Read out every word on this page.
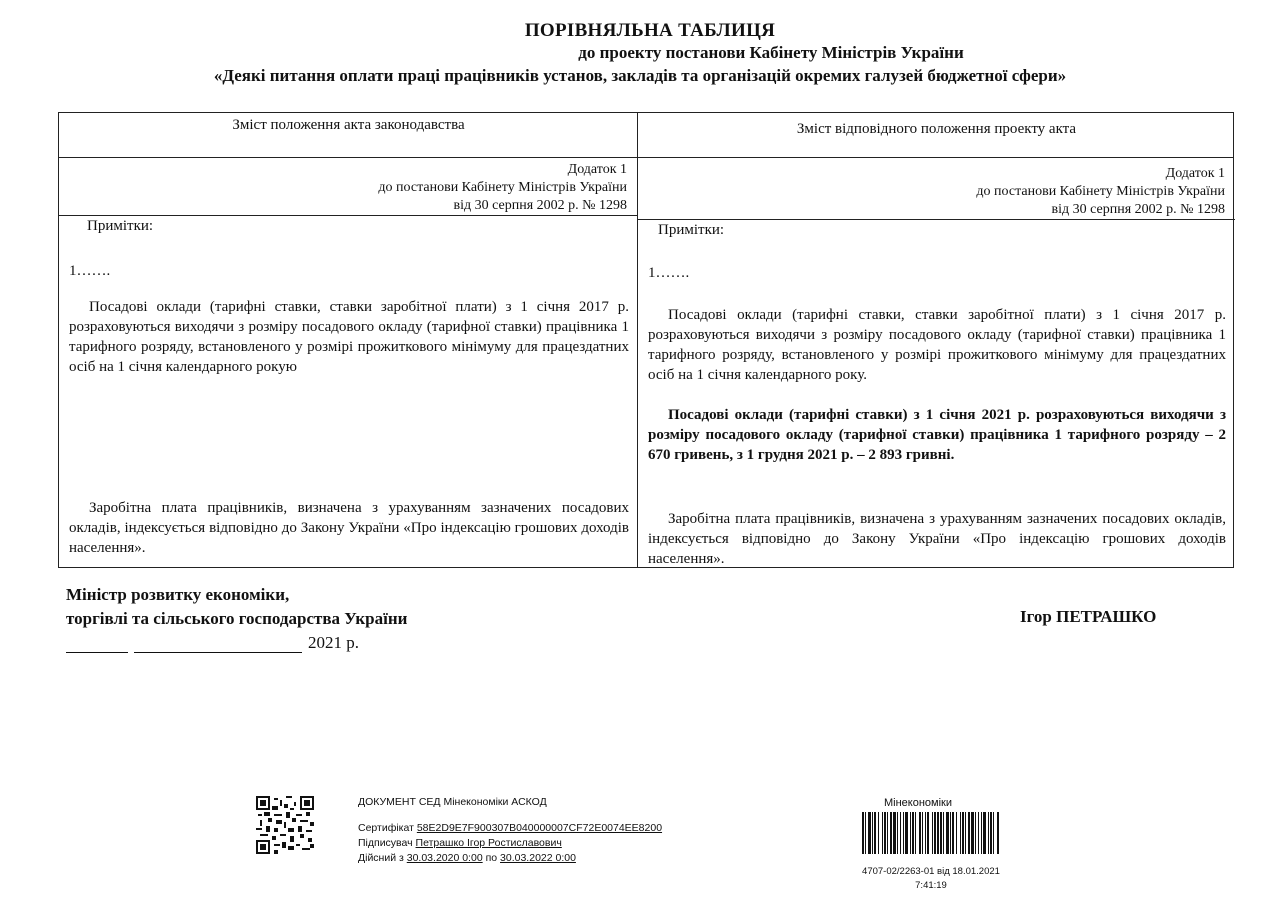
ПОРІВНЯЛЬНА ТАБЛИЦЯ
до проекту постанови Кабінету Міністрів України
«Деякі питання оплати праці працівників установ, закладів та організацій окремих галузей бюджетної сфери»
Зміст положення акта законодавства	Зміст відповідного положення проекту акта
Додаток 1
до постанови Кабінету Міністрів України
від 30 серпня 2002 р. № 1298
Додаток 1
до постанови Кабінету Міністрів України
від 30 серпня 2002 р. № 1298
Примітки:
1…….
Посадові оклади (тарифні ставки, ставки заробітної плати) з 1 січня 2017 р. розраховуються виходячи з розміру посадового окладу (тарифної ставки) працівника 1 тарифного розряду, встановленого у розмірі прожиткового мінімуму для працездатних осіб на 1 січня календарного рокую
Заробітна плата працівників, визначена з урахуванням зазначених посадових окладів, індексується відповідно до Закону України «Про індексацію грошових доходів населення».
Примітки:
1…….
Посадові оклади (тарифні ставки, ставки заробітної плати) з 1 січня 2017 р. розраховуються виходячи з розміру посадового окладу (тарифної ставки) працівника 1 тарифного розряду, встановленого у розмірі прожиткового мінімуму для працездатних осіб на 1 січня календарного року.
Посадові оклади (тарифні ставки) з 1 січня 2021 р. розраховуються виходячи з розміру посадового окладу (тарифної ставки) працівника 1 тарифного розряду – 2 670 гривень, з 1 грудня 2021 р. – 2 893 гривні.
Заробітна плата працівників, визначена з урахуванням зазначених посадових окладів, індексується відповідно до Закону України «Про індексацію грошових доходів населення».
Міністр розвитку економіки,
торгівлі та сільського господарства України	Ігор ПЕТРАШКО
2021 р.
ДОКУМЕНТ СЕД Мінекономіки АСКОД
Сертифікат 58E2D9E7F900307B040000007CF72E0074EE8200
Підписувач Петрашко Ігор Ростиславович
Дійсний з 30.03.2020 0:00 по 30.03.2022 0:00
Мінекономіки
4707-02/2263-01 від 18.01.2021
7:41:19
